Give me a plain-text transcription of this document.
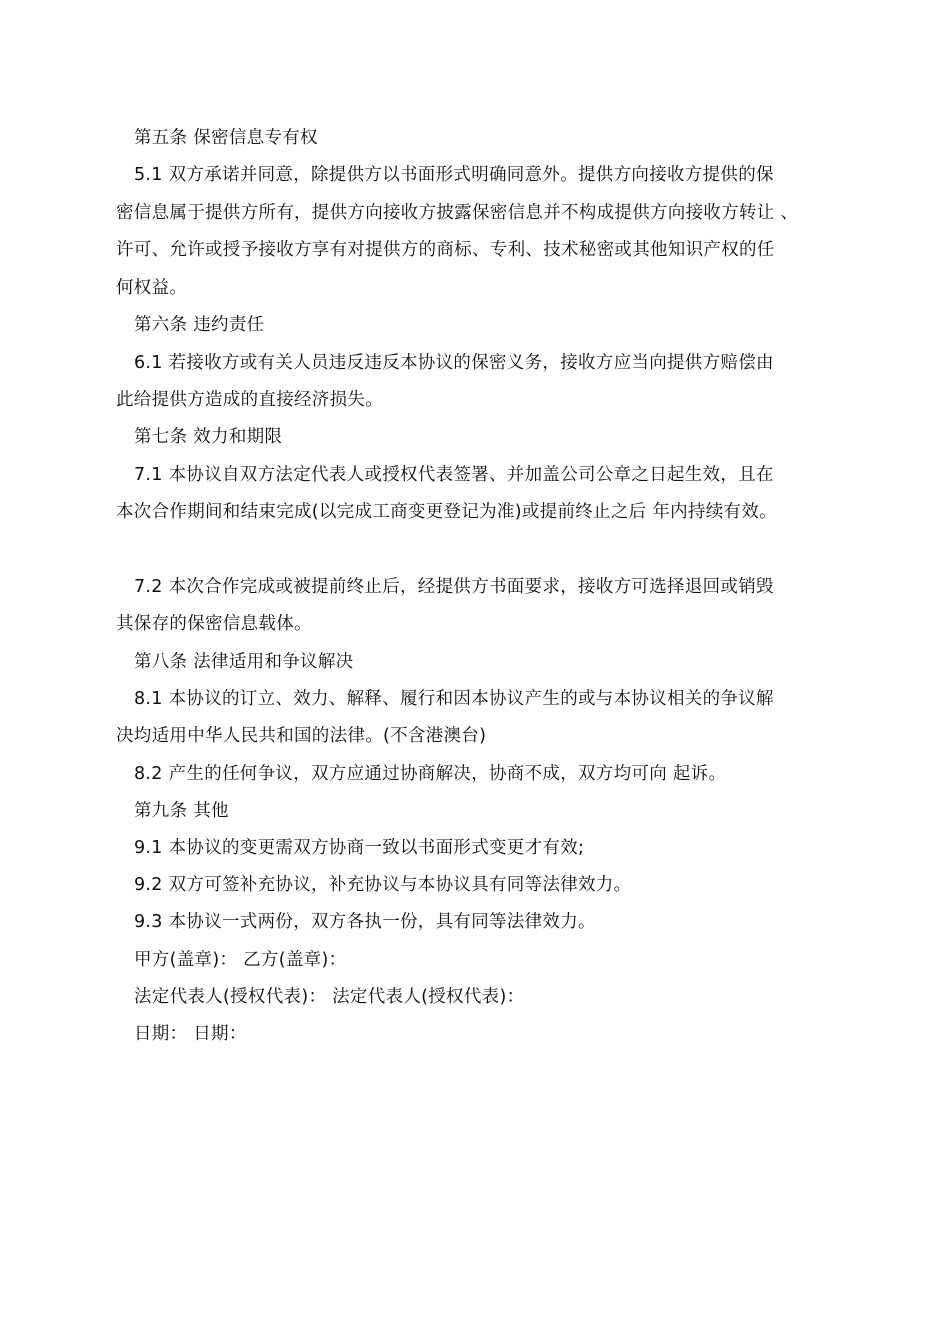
第五条 保密信息专有权
5.1 双方承诺并同意，除提供方以书面形式明确同意外。提供方向接收方提供的保
密信息属于提供方所有，提供方向接收方披露保密信息并不构成提供方向接收方转让 、
许可、允许或授予接收方享有对提供方的商标、专利、技术秘密或其他知识产权的任
何权益。
第六条 违约责任
6.1 若接收方或有关人员违反违反本协议的保密义务，接收方应当向提供方赔偿由
此给提供方造成的直接经济损失。
第七条 效力和期限
7.1 本协议自双方法定代表人或授权代表签署、并加盖公司公章之日起生效，且在
本次合作期间和结束完成(以完成工商变更登记为准)或提前终止之后 年内持续有效。
7.2 本次合作完成或被提前终止后，经提供方书面要求，接收方可选择退回或销毁
其保存的保密信息载体。
第八条 法律适用和争议解决
8.1 本协议的订立、效力、解释、履行和因本协议产生的或与本协议相关的争议解
决均适用中华人民共和国的法律。(不含港澳台)
8.2 产生的任何争议，双方应通过协商解决，协商不成，双方均可向 起诉。
第九条 其他
9.1 本协议的变更需双方协商一致以书面形式变更才有效;
9.2 双方可签补充协议，补充协议与本协议具有同等法律效力。
9.3 本协议一式两份，双方各执一份，具有同等法律效力。
甲方(盖章)： 乙方(盖章)：
法定代表人(授权代表)： 法定代表人(授权代表)：
日期： 日期：
